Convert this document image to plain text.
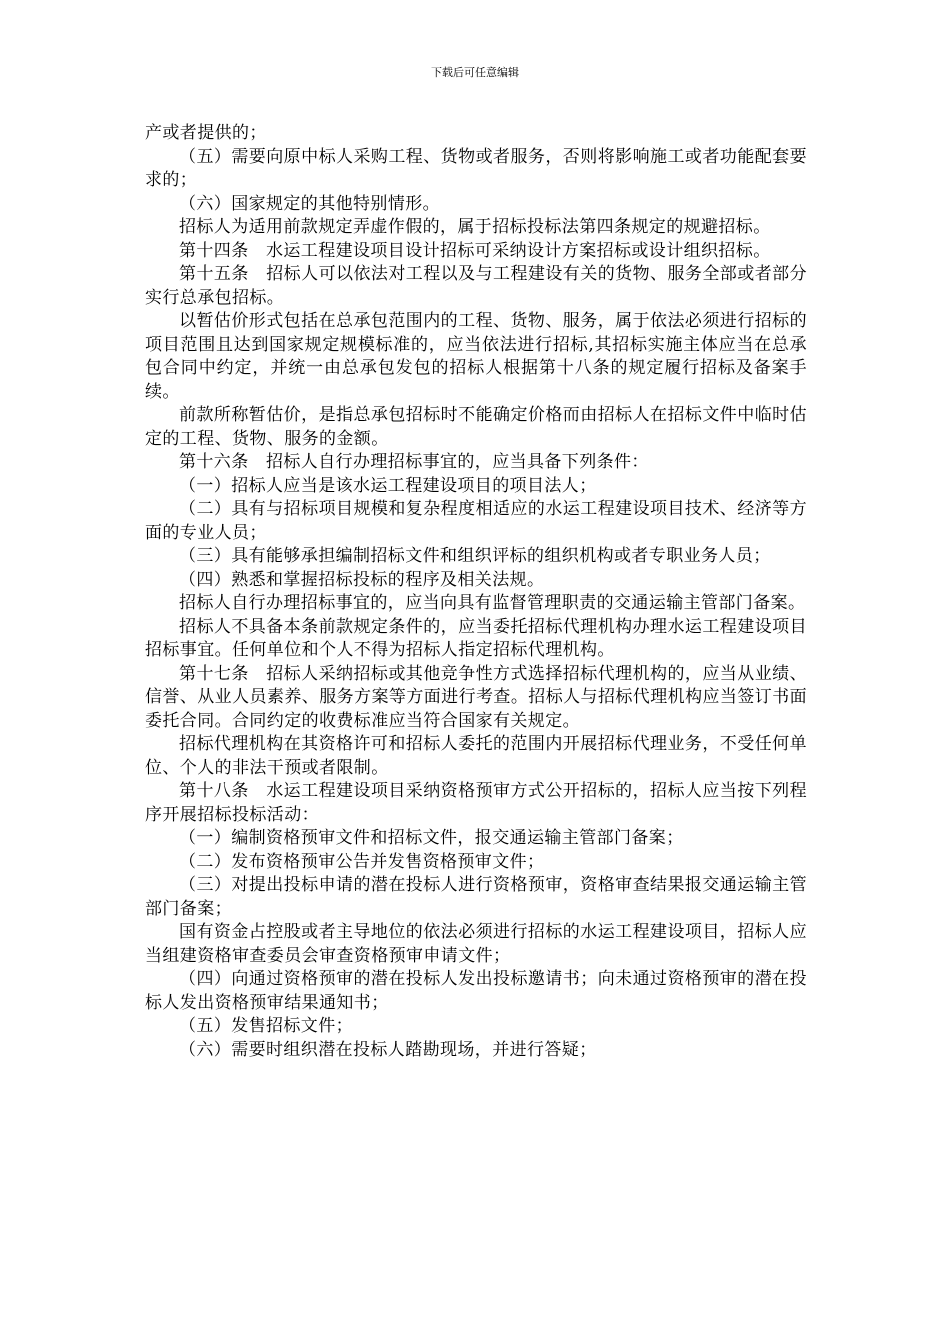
下载后可任意编辑

产或者提供的；

（五）需要向原中标人采购工程、货物或者服务，否则将影响施工或者功能配套要求的；

（六）国家规定的其他特别情形。

招标人为适用前款规定弄虚作假的，属于招标投标法第四条规定的规避招标。

第十四条　水运工程建设项目设计招标可采纳设计方案招标或设计组织招标。

第十五条　招标人可以依法对工程以及与工程建设有关的货物、服务全部或者部分实行总承包招标。

以暂估价形式包括在总承包范围内的工程、货物、服务，属于依法必须进行招标的项目范围且达到国家规定规模标准的，应当依法进行招标,其招标实施主体应当在总承包合同中约定，并统一由总承包发包的招标人根据第十八条的规定履行招标及备案手续。

前款所称暂估价，是指总承包招标时不能确定价格而由招标人在招标文件中临时估定的工程、货物、服务的金额。

第十六条　招标人自行办理招标事宜的，应当具备下列条件：

（一）招标人应当是该水运工程建设项目的项目法人；

（二）具有与招标项目规模和复杂程度相适应的水运工程建设项目技术、经济等方面的专业人员；

（三）具有能够承担编制招标文件和组织评标的组织机构或者专职业务人员；

（四）熟悉和掌握招标投标的程序及相关法规。

招标人自行办理招标事宜的，应当向具有监督管理职责的交通运输主管部门备案。

招标人不具备本条前款规定条件的，应当委托招标代理机构办理水运工程建设项目招标事宜。任何单位和个人不得为招标人指定招标代理机构。

第十七条　招标人采纳招标或其他竞争性方式选择招标代理机构的，应当从业绩、信誉、从业人员素养、服务方案等方面进行考查。招标人与招标代理机构应当签订书面委托合同。合同约定的收费标准应当符合国家有关规定。

招标代理机构在其资格许可和招标人委托的范围内开展招标代理业务，不受任何单位、个人的非法干预或者限制。

第十八条　水运工程建设项目采纳资格预审方式公开招标的，招标人应当按下列程序开展招标投标活动：

（一）编制资格预审文件和招标文件，报交通运输主管部门备案；

（二）发布资格预审公告并发售资格预审文件；

（三）对提出投标申请的潜在投标人进行资格预审，资格审查结果报交通运输主管部门备案；

国有资金占控股或者主导地位的依法必须进行招标的水运工程建设项目，招标人应当组建资格审查委员会审查资格预审申请文件；

（四）向通过资格预审的潜在投标人发出投标邀请书；向未通过资格预审的潜在投标人发出资格预审结果通知书；

（五）发售招标文件；

（六）需要时组织潜在投标人踏勘现场，并进行答疑；
